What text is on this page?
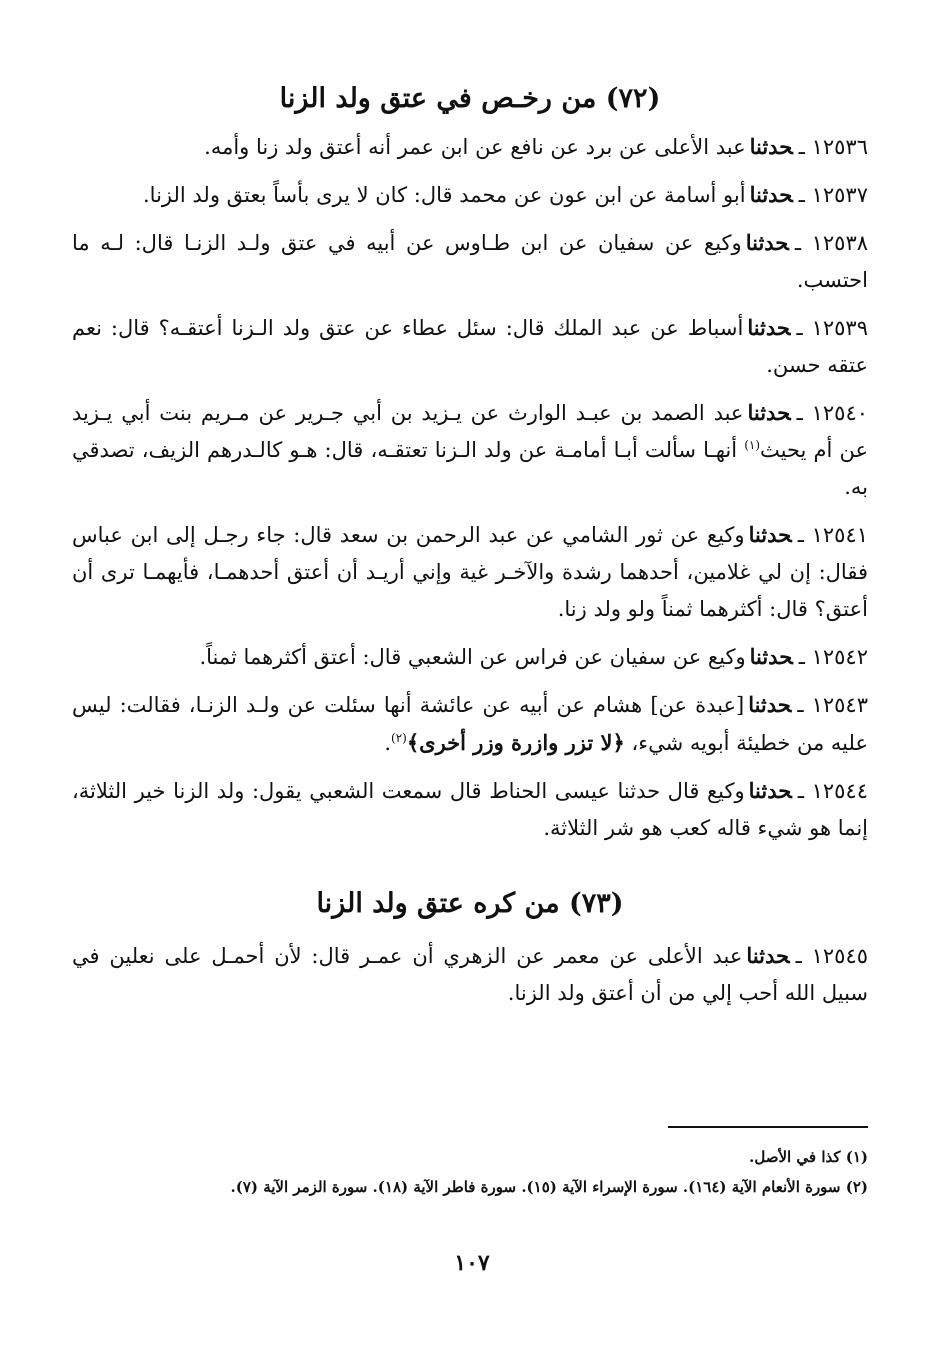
(٧٢) من رخـص في عتق ولد الزنا

١٢٥٣٦ ـحدثناعبد الأعلى عن برد عن نافع عن ابن عمر أنه أعتق ولد زنا وأمه.

١٢٥٣٧ ـحدثناأبو أسامة عن ابن عون عن محمد قال: كان لا يرى بأساً بعتق ولد الزنا.

١٢٥٣٨ ـحدثناوكيع عن سفيان عن ابن طـاوس عن أبيه في عتق ولـد الزنـا قال: لـه ما احتسب.

١٢٥٣٩ ـحدثناأسباط عن عبد الملك قال: سئل عطاء عن عتق ولد الـزنا أعتقـه؟ قال: نعم عتقه حسن.

١٢٥٤٠ ـحدثناعبد الصمد بن عبـد الوارث عن يـزيد بن أبي جـرير عن مـريم بنت أبي يـزيد عن أم يحيث$^{(١)}$ أنهـا سألت أبـا أمامـة عن ولد الـزنا تعتقـه، قال: هـو كالـدرهم الزيف، تصدقي به.

١٢٥٤١ ـحدثناوكيع عن ثور الشامي عن عبد الرحمن بن سعد قال: جاء رجـل إلى ابن عباس فقال: إن لي غلامين، أحدهما رشدة والآخـر غية وإني أريـد أن أعتق أحدهمـا، فأيهمـا ترى أن أعتق؟ قال: أكثرهما ثمناً ولو ولد زنا.

١٢٥٤٢ ـحدثناوكيع عن سفيان عن فراس عن الشعبي قال: أعتق أكثرهما ثمناً.

١٢٥٤٣ ـحدثنا[عبدة عن] هشام عن أبيه عن عائشة أنها سئلت عن ولـد الزنـا، فقالت: ليس عليه من خطيئة أبويه شيء، ﴿لا تزر وازرة وزر أخرى﴾$^{(٢)}$.

١٢٥٤٤ ـحدثناوكيع قال حدثنا عيسى الحناط قال سمعت الشعبي يقول: ولد الزنا خير الثلاثة، إنما هو شيء قاله كعب هو شر الثلاثة.

(٧٣) من كره عتق ولد الزنا

١٢٥٤٥ ـحدثناعبد الأعلى عن معمر عن الزهري أن عمـر قال: لأن أحمـل على نعلين في سبيل الله أحب إلي من أن أعتق ولد الزنا.

(١) كذا في الأصل.

(٢) سورة الأنعام الآية (١٦٤). سورة الإسراء الآية (١٥). سورة فاطر الآية (١٨). سورة الزمر الآية (٧).

١٠٧
